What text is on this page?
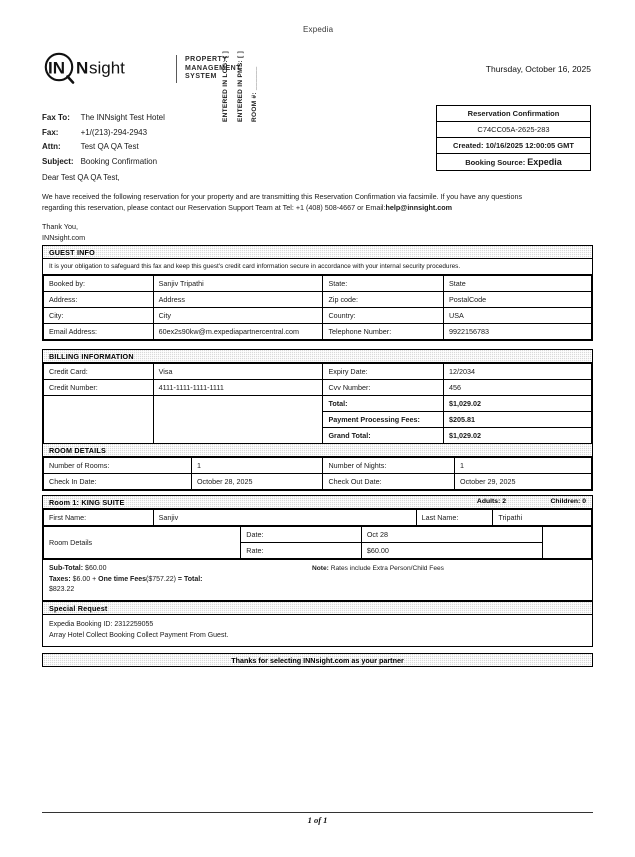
Expedia
IN N sight	PROPERTY
MANAGEMENT
SYSTEM ENTERED IN LOG: [ ]	ENTERED IN PMS: [ ]	ROOM #: ______	Thursday, October 16, 2025
Reservation Confirmation
C74CC05A-2625-283
Created: 10/16/2025 12:00:05 GMT
Booking Source: Expedia
Fax To:	The INNsight Test Hotel
Fax:	+1/(213)-294-2943
Attn:	Test QA QA Test
Subject:	Booking Confirmation
Dear Test QA QA Test,
We have received the following reservation for your property and are transmitting this Reservation Confirmation via facsimile. If you have any questions regarding this reservation, please contact our Reservation Support Team at Tel: +1 (408) 508-4667 or Email:help@innsight.com
Thank You,
INNsight.com
GUEST INFO
It is your obligation to safeguard this fax and keep this guest's credit card information secure in accordance with your internal security procedures.
Booked by:	Sanjiv Tripathi	State:	State
Address:	Address	Zip code:	PostalCode
City:	City	Country:	USA
Email Address:	60ex2s90kw@m.expediapartnercentral.com	Telephone Number:	9922156783
BILLING INFORMATION
Credit Card:	Visa	Expiry Date:	12/2034
Credit Number:	4111-1111-1111-1111	Cvv Number:	456
		Total:	$1,029.02
		Payment Processing Fees:	$205.81
		Grand Total:	$1,029.02
ROOM DETAILS
Number of Rooms:	1	Number of Nights:	1
Check In Date:	October 28, 2025	Check Out Date:	October 29, 2025
Room 1: KING SUITE	Adults: 2	Children: 0
First Name:	Sanjiv	Last Name:	Tripathi
Room Details	Date:	Oct 28	
	Rate:	$60.00	
Sub-Total: $60.00
Taxes: $6.00 + One time Fees($757.22) = Total:
$823.22
Note: Rates include Extra Person/Child Fees
Special Request
Expedia Booking ID: 2312259055
Array Hotel Collect Booking Collect Payment From Guest.
Thanks for selecting INNsight.com as your partner
1 of 1
